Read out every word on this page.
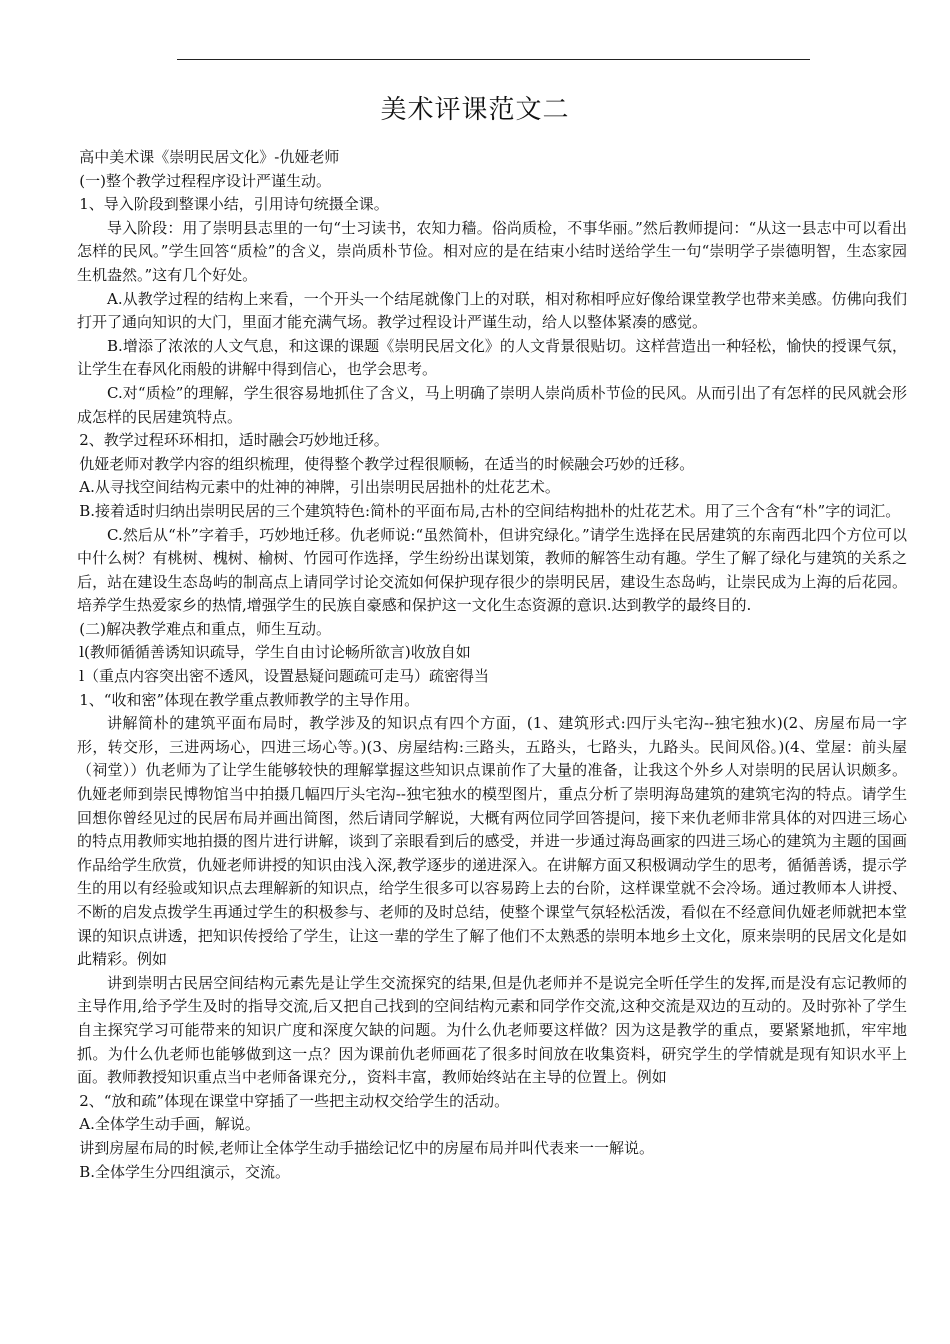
美术评课范文二

高中美术课《崇明民居文化》-仇娅老师

(一)整个教学过程程序设计严谨生动。

1、导入阶段到整课小结，引用诗句统摄全课。

导入阶段：用了崇明县志里的一句“士习读书，农知力穑。俗尚质检，不事华丽。”然后教师提问：“从这一县志中可以看出怎样的民风。”学生回答“质检”的含义，崇尚质朴节俭。相对应的是在结束小结时送给学生一句“崇明学子崇德明智，生态家园生机盎然。”这有几个好处。

A.从教学过程的结构上来看，一个开头一个结尾就像门上的对联，相对称相呼应好像给课堂教学也带来美感。仿佛向我们打开了通向知识的大门，里面才能充满气场。教学过程设计严谨生动，给人以整体紧凑的感觉。

B.增添了浓浓的人文气息，和这课的课题《崇明民居文化》的人文背景很贴切。这样营造出一种轻松，愉快的授课气氛，让学生在春风化雨般的讲解中得到信心，也学会思考。

C.对“质检”的理解，学生很容易地抓住了含义，马上明确了崇明人崇尚质朴节俭的民风。从而引出了有怎样的民风就会形成怎样的民居建筑特点。

2、教学过程环环相扣，适时融会巧妙地迁移。

仇娅老师对教学内容的组织梳理，使得整个教学过程很顺畅，在适当的时候融会巧妙的迁移。

A.从寻找空间结构元素中的灶神的神牌，引出崇明民居拙朴的灶花艺术。

B.接着适时归纳出崇明民居的三个建筑特色:简朴的平面布局,古朴的空间结构拙朴的灶花艺术。用了三个含有“朴”字的词汇。

C.然后从“朴”字着手，巧妙地迁移。仇老师说:“虽然简朴，但讲究绿化。”请学生选择在民居建筑的东南西北四个方位可以中什么树？有桃树、槐树、榆树、竹园可作选择，学生纷纷出谋划策，教师的解答生动有趣。学生了解了绿化与建筑的关系之后，站在建设生态岛屿的制高点上请同学讨论交流如何保护现存很少的崇明民居，建设生态岛屿，让崇民成为上海的后花园。培养学生热爱家乡的热情,增强学生的民族自豪感和保护这一文化生态资源的意识.达到教学的最终目的.

(二)解决教学难点和重点，师生互动。

l(教师循循善诱知识疏导，学生自由讨论畅所欲言)收放自如

l（重点内容突出密不透风，设置悬疑问题疏可走马）疏密得当

1、“收和密”体现在教学重点教师教学的主导作用。

讲解简朴的建筑平面布局时，教学涉及的知识点有四个方面，(1、建筑形式:四厅头宅沟--独宅独水)(2、房屋布局一字形，转交形，三进两场心，四进三场心等。)(3、房屋结构:三路头，五路头，七路头，九路头。民间风俗。)(4、堂屋：前头屋（祠堂））仇老师为了让学生能够较快的理解掌握这些知识点课前作了大量的准备，让我这个外乡人对崇明的民居认识颇多。仇娅老师到崇民博物馆当中拍摄几幅四厅头宅沟--独宅独水的模型图片，重点分析了崇明海岛建筑的建筑宅沟的特点。请学生回想你曾经见过的民居布局并画出简图，然后请同学解说，大概有两位同学回答提问，接下来仇老师非常具体的对四进三场心的特点用教师实地拍摄的图片进行讲解，谈到了亲眼看到后的感受，并进一步通过海岛画家的四进三场心的建筑为主题的国画作品给学生欣赏，仇娅老师讲授的知识由浅入深,教学逐步的递进深入。在讲解方面又积极调动学生的思考，循循善诱，提示学生的用以有经验或知识点去理解新的知识点，给学生很多可以容易跨上去的台阶，这样课堂就不会冷场。通过教师本人讲授、不断的启发点拨学生再通过学生的积极参与、老师的及时总结，使整个课堂气氛轻松活泼，看似在不经意间仇娅老师就把本堂课的知识点讲透，把知识传授给了学生，让这一辈的学生了解了他们不太熟悉的崇明本地乡土文化，原来崇明的民居文化是如此精彩。例如

讲到崇明古民居空间结构元素先是让学生交流探究的结果,但是仇老师并不是说完全听任学生的发挥,而是没有忘记教师的主导作用,给予学生及时的指导交流,后又把自己找到的空间结构元素和同学作交流,这种交流是双边的互动的。及时弥补了学生自主探究学习可能带来的知识广度和深度欠缺的问题。为什么仇老师要这样做？因为这是教学的重点，要紧紧地抓，牢牢地抓。为什么仇老师也能够做到这一点？因为课前仇老师画花了很多时间放在收集资料，研究学生的学情就是现有知识水平上面。教师教授知识重点当中老师备课充分,，资料丰富，教师始终站在主导的位置上。例如

2、“放和疏”体现在课堂中穿插了一些把主动权交给学生的活动。

A.全体学生动手画，解说。

讲到房屋布局的时候,老师让全体学生动手描绘记忆中的房屋布局并叫代表来一一解说。

B.全体学生分四组演示，交流。
